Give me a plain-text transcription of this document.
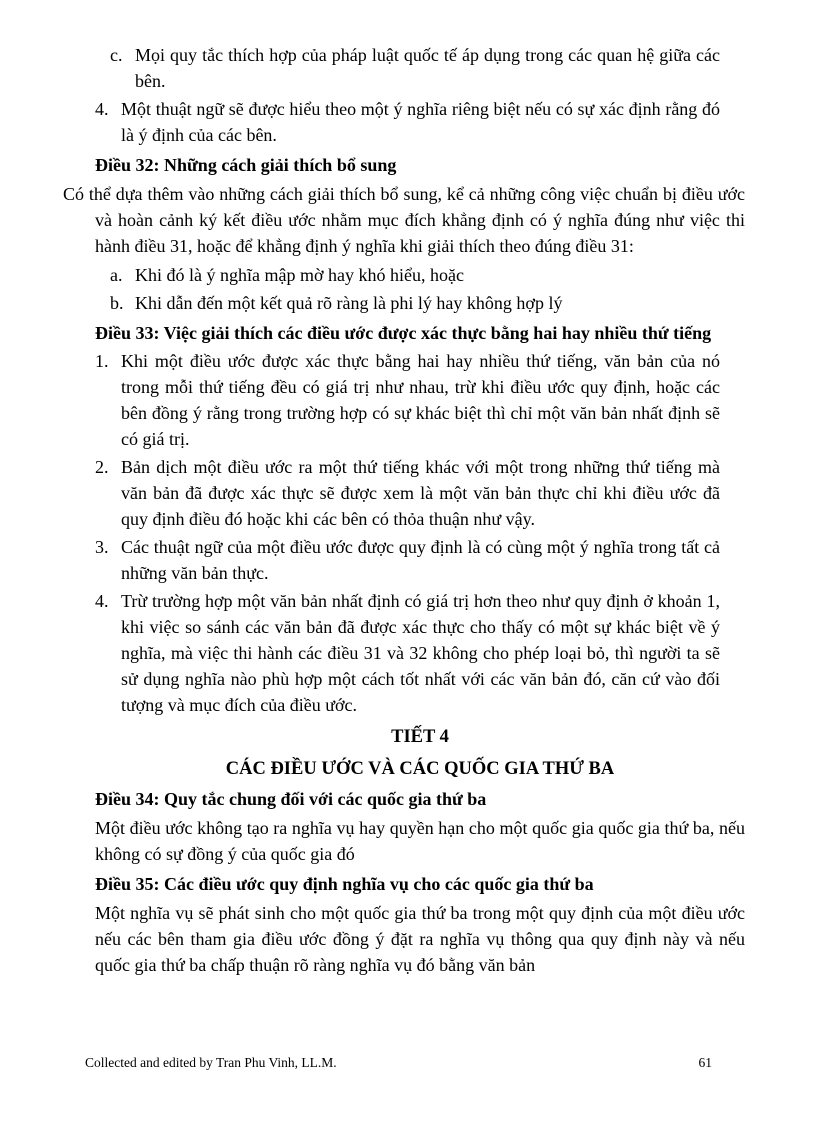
c. Mọi quy tắc thích hợp của pháp luật quốc tế áp dụng trong các quan hệ giữa các bên.
4. Một thuật ngữ sẽ được hiểu theo một ý nghĩa riêng biệt nếu có sự xác định rằng đó là ý định của các bên.
Điều 32: Những cách giải thích bổ sung
Có thể dựa thêm vào những cách giải thích bổ sung, kể cả những công việc chuẩn bị điều ước và hoàn cảnh ký kết điều ước nhằm mục đích khẳng định có ý nghĩa đúng như việc thi hành điều 31, hoặc để khẳng định ý nghĩa khi giải thích theo đúng điều 31:
a. Khi đó là ý nghĩa mập mờ hay khó hiểu, hoặc
b. Khi dẫn đến một kết quả rõ ràng là phi lý hay không hợp lý
Điều 33: Việc giải thích các điều ước được xác thực bằng hai hay nhiều thứ tiếng
1. Khi một điều ước được xác thực bằng hai hay nhiều thứ tiếng, văn bản của nó trong mỗi thứ tiếng đều có giá trị như nhau, trừ khi điều ước quy định, hoặc các bên đồng ý rằng trong trường hợp có sự khác biệt thì chỉ một văn bản nhất định sẽ có giá trị.
2. Bản dịch một điều ước ra một thứ tiếng khác với một trong những thứ tiếng mà văn bản đã được xác thực sẽ được xem là một văn bản thực chỉ khi điều ước đã quy định điều đó hoặc khi các bên có thỏa thuận như vậy.
3. Các thuật ngữ của một điều ước được quy định là có cùng một ý nghĩa trong tất cả những văn bản thực.
4. Trừ trường hợp một văn bản nhất định có giá trị hơn theo như quy định ở khoản 1, khi việc so sánh các văn bản đã được xác thực cho thấy có một sự khác biệt về ý nghĩa, mà việc thi hành các điều 31 và 32 không cho phép loại bỏ, thì người ta sẽ sử dụng nghĩa nào phù hợp một cách tốt nhất với các văn bản đó, căn cứ vào đối tượng và mục đích của điều ước.
TIẾT 4
CÁC ĐIỀU ƯỚC VÀ CÁC QUỐC GIA THỨ BA
Điều 34: Quy tắc chung đối với các quốc gia thứ ba
Một điều ước không tạo ra nghĩa vụ hay quyền hạn cho một quốc gia quốc gia thứ ba, nếu không có sự đồng ý của quốc gia đó
Điều 35: Các điều ước quy định nghĩa vụ cho các quốc gia thứ ba
Một nghĩa vụ sẽ phát sinh cho một quốc gia thứ ba trong một quy định của một điều ước nếu các bên tham gia điều ước đồng ý đặt ra nghĩa vụ thông qua quy định này và nếu quốc gia thứ ba chấp thuận rõ ràng nghĩa vụ đó bằng văn bản
Collected and edited by Tran Phu Vinh, LL.M.	61
